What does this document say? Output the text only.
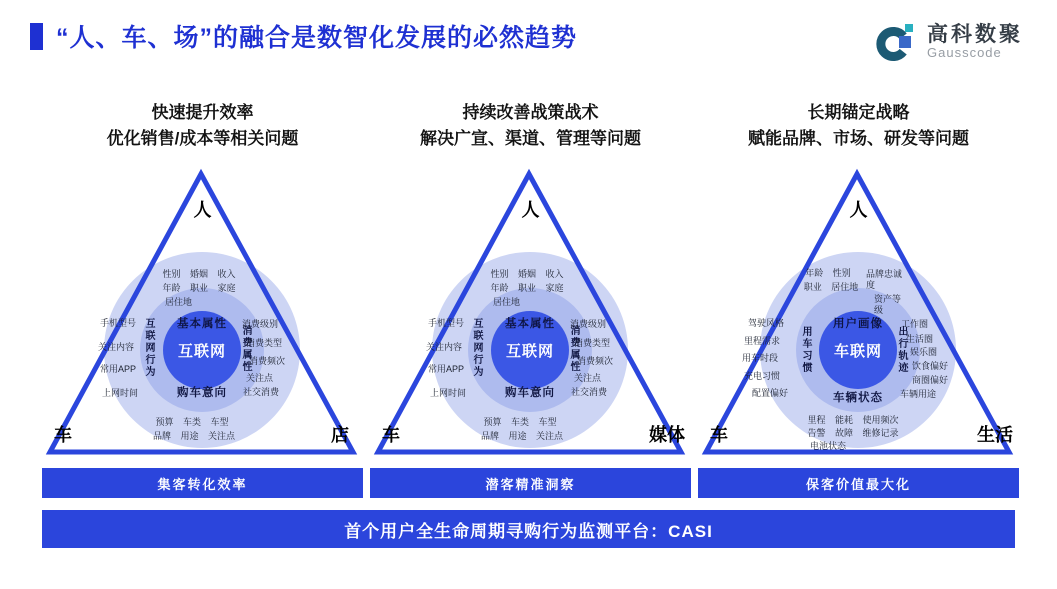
“人、车、场”的融合是数智化发展的必然趋势	高科数聚
Gausscode
快速提升效率
优化销售/成本等相关问题
互联网
人
车	店
基本属性
购车意向
互联网行为	消费属性
性别 婚姻 收入
年龄 职业 家庭
居住地
手机型号
关注内容
常用APP
上网时间
消费级别
消费类型
消费频次
关注点
社交消费
预算 车类 车型
品牌 用途 关注点
集客转化效率
持续改善战策战术
解决广宣、渠道、管理等问题
互联网
人
车	媒体
基本属性
购车意向
互联网行为	消费属性
性别 婚姻 收入
年龄 职业 家庭
居住地
手机型号
关注内容
常用APP
上网时间
消费级别
消费类型
消费频次
关注点
社交消费
预算 车类 车型
品牌 用途 关注点
潜客精准洞察
长期锚定战略
赋能品牌、市场、研发等问题
车联网
人
车	生活
用户画像
车辆状态
用车习惯	出行轨迹
年龄 性别
职业 居住地
品牌忠诚度
资产等级
驾驶风格
里程需求
用车时段
充电习惯
配置偏好
工作圈
生活圈
娱乐圈
饮食偏好
商圈偏好
车辆用途
里程 能耗 使用频次
告警 故障 维修记录
电池状态
保客价值最大化
首个用户全生命周期寻购行为监测平台：CASI
